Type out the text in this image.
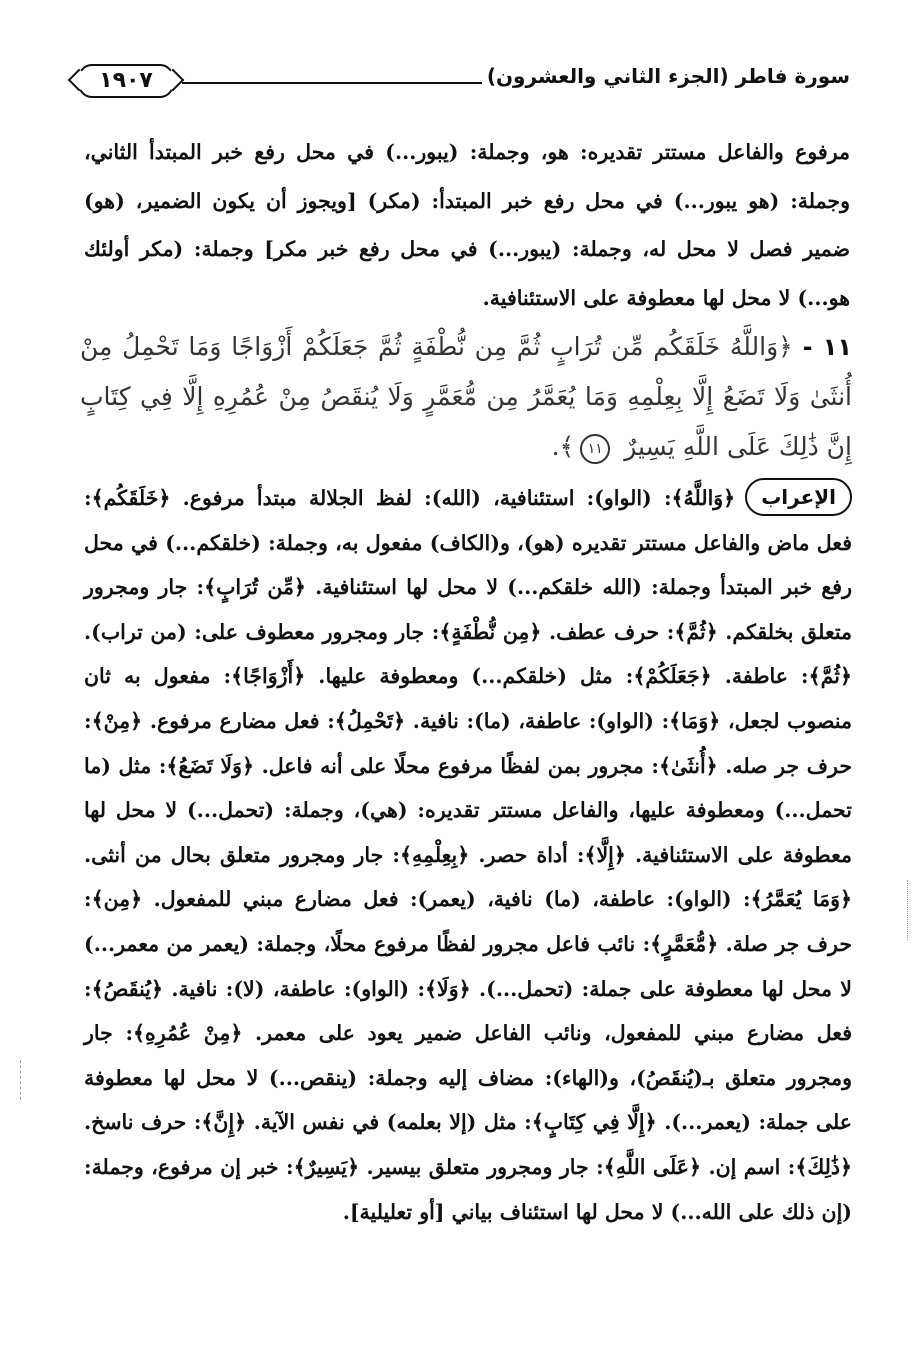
١٩٠٧	سورة فاطر (الجزء الثاني والعشرون)

مرفوع والفاعل مستتر تقديره: هو، وجملة: (يبور...) في محل رفع خبر المبتدأ الثاني، وجملة: (هو يبور...) في محل رفع خبر المبتدأ: (مكر) [ويجوز أن يكون الضمير، (هو) ضمير فصل لا محل له، وجملة: (يبور...) في محل رفع خبر مكر] وجملة: (مكر أولئك هو...) لا محل لها معطوفة على الاستئنافية.

١١ - ﴿وَاللَّهُ خَلَقَكُم مِّن تُرَابٍ ثُمَّ مِن نُّطْفَةٍ ثُمَّ جَعَلَكُمْ أَزْوَاجًا وَمَا تَحْمِلُ مِنْ أُنثَىٰ وَلَا تَضَعُ إِلَّا بِعِلْمِهِ وَمَا يُعَمَّرُ مِن مُّعَمَّرٍ وَلَا يُنقَصُ مِنْ عُمُرِهِ إِلَّا فِي كِتَابٍ إِنَّ ذَٰلِكَ عَلَى اللَّهِ يَسِيرٌ ١١﴾.
الإعراب
﴿وَاللَّهُ﴾: (الواو): استئنافية، (الله): لفظ الجلالة مبتدأ مرفوع. ﴿خَلَقَكُم﴾: فعل ماض والفاعل مستتر تقديره (هو)، و(الكاف) مفعول به، وجملة: (خلقكم...) في محل رفع خبر المبتدأ وجملة: (الله خلقكم...) لا محل لها استئنافية. ﴿مِّن تُرَابٍ﴾: جار ومجرور متعلق بخلقكم. ﴿ثُمَّ﴾: حرف عطف. ﴿مِن نُّطْفَةٍ﴾: جار ومجرور معطوف على: (من تراب). ﴿ثُمَّ﴾: عاطفة. ﴿جَعَلَكُمْ﴾: مثل (خلقكم...) ومعطوفة عليها. ﴿أَزْوَاجًا﴾: مفعول به ثان منصوب لجعل، ﴿وَمَا﴾: (الواو): عاطفة، (ما): نافية. ﴿تَحْمِلُ﴾: فعل مضارع مرفوع. ﴿مِنْ﴾: حرف جر صله. ﴿أُنثَىٰ﴾: مجرور بمن لفظًا مرفوع محلًا على أنه فاعل. ﴿وَلَا تَضَعُ﴾: مثل (ما تحمل...) ومعطوفة عليها، والفاعل مستتر تقديره: (هي)، وجملة: (تحمل...) لا محل لها معطوفة على الاستئنافية. ﴿إِلَّا﴾: أداة حصر. ﴿بِعِلْمِهِ﴾: جار ومجرور متعلق بحال من أنثى. ﴿وَمَا يُعَمَّرُ﴾: (الواو): عاطفة، (ما) نافية، (يعمر): فعل مضارع مبني للمفعول. ﴿مِن﴾: حرف جر صلة. ﴿مُّعَمَّرٍ﴾: نائب فاعل مجرور لفظًا مرفوع محلًا، وجملة: (يعمر من معمر...) لا محل لها معطوفة على جملة: (تحمل...). ﴿وَلَا﴾: (الواو): عاطفة، (لا): نافية. ﴿يُنقَصُ﴾: فعل مضارع مبني للمفعول، ونائب الفاعل ضمير يعود على معمر. ﴿مِنْ عُمُرِهِ﴾: جار ومجرور متعلق بـ(يُنقَصُ)، و(الهاء): مضاف إليه وجملة: (ينقص...) لا محل لها معطوفة على جملة: (يعمر...). ﴿إِلَّا فِي كِتَابٍ﴾: مثل (إلا بعلمه) في نفس الآية. ﴿إِنَّ﴾: حرف ناسخ. ﴿ذَٰلِكَ﴾: اسم إن. ﴿عَلَى اللَّهِ﴾: جار ومجرور متعلق بيسير. ﴿يَسِيرٌ﴾: خبر إن مرفوع، وجملة: (إن ذلك على الله...) لا محل لها استئناف بياني [أو تعليلية].
